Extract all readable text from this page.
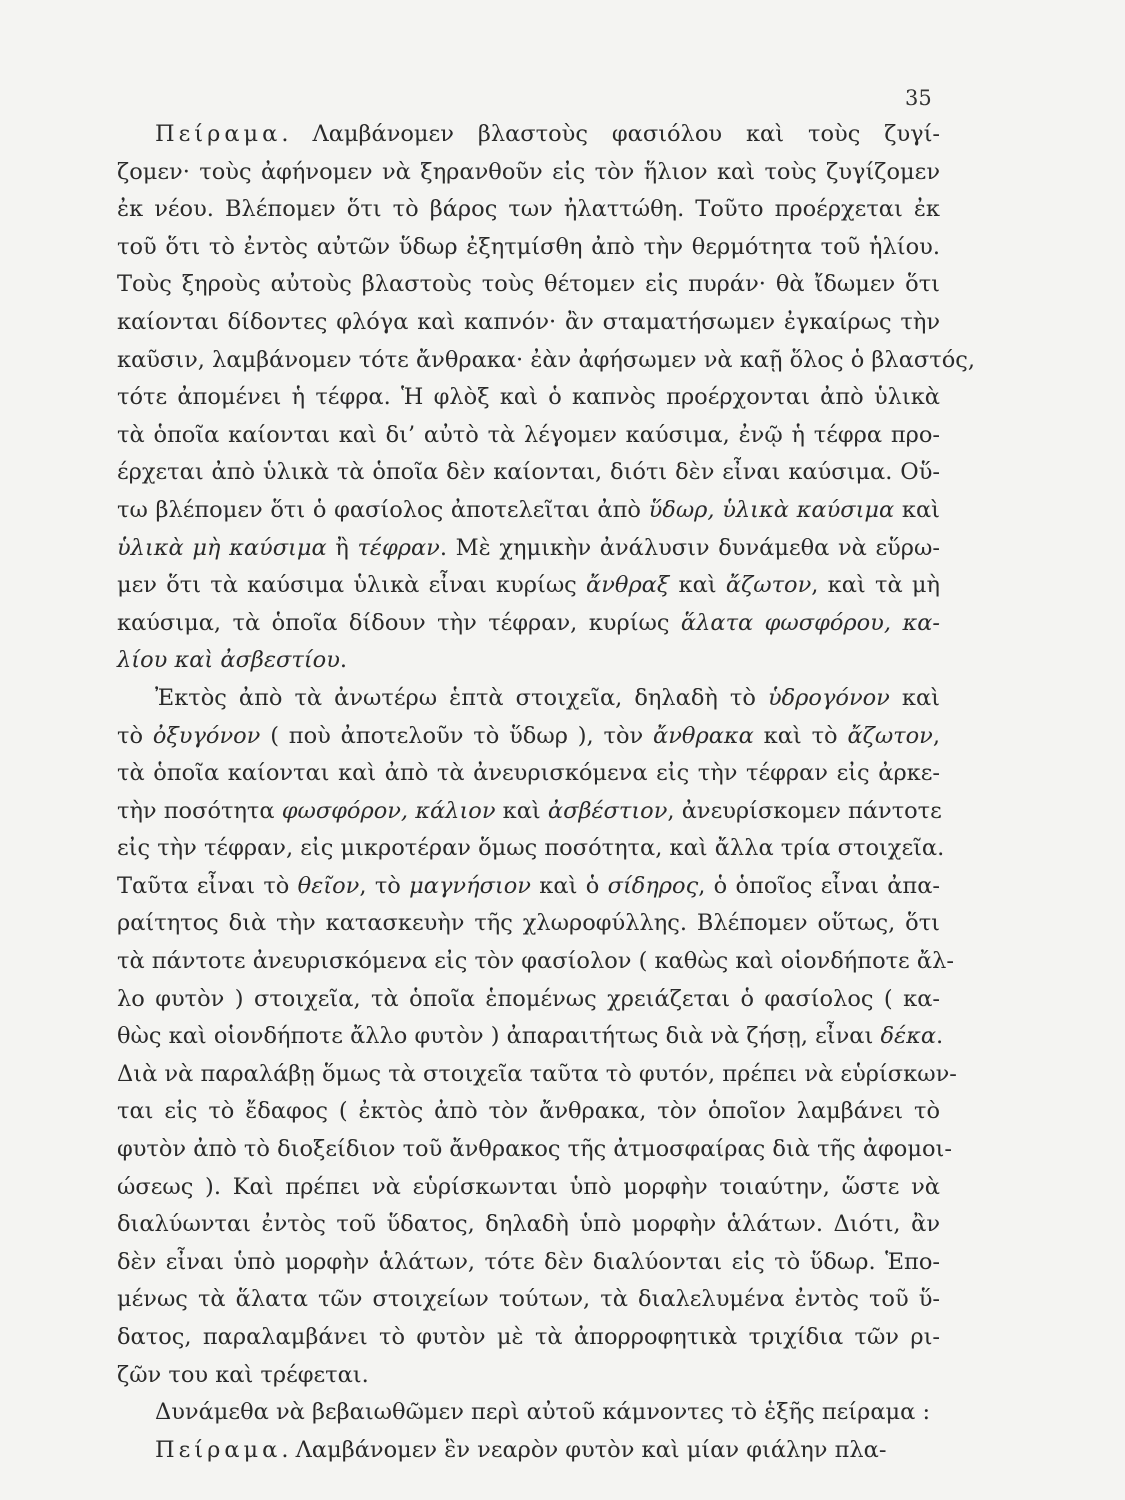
35
Πείραμα. Λαμβάνομεν βλαστοὺς φασιόλου καὶ τοὺς ζυγί-
ζομεν· τοὺς ἀφήνομεν νὰ ξηρανθοῦν εἰς τὸν ἥλιον καὶ τοὺς ζυγίζομεν
ἐκ νέου. Βλέπομεν ὅτι τὸ βάρος των ἠλαττώθη. Τοῦτο προέρχεται ἐκ
τοῦ ὅτι τὸ ἐντὸς αὐτῶν ὕδωρ ἐξητμίσθη ἀπὸ τὴν θερμότητα τοῦ ἡλίου.
Τοὺς ξηροὺς αὐτοὺς βλαστοὺς τοὺς θέτομεν εἰς πυράν· θὰ ἴδωμεν ὅτι
καίονται δίδοντες φλόγα καὶ καπνόν· ἂν σταματήσωμεν ἐγκαίρως τὴν
καῦσιν, λαμβάνομεν τότε ἄνθρακα· ἐὰν ἀφήσωμεν νὰ καῇ ὅλος ὁ βλαστός,
τότε ἀπομένει ἡ τέφρα. Ἡ φλὸξ καὶ ὁ καπνὸς προέρχονται ἀπὸ ὑλικὰ
τὰ ὁποῖα καίονται καὶ δι’ αὐτὸ τὰ λέγομεν καύσιμα, ἐνῷ ἡ τέφρα προ-
έρχεται ἀπὸ ὑλικὰ τὰ ὁποῖα δὲν καίονται, διότι δὲν εἶναι καύσιμα. Οὕ-
τω βλέπομεν ὅτι ὁ φασίολος ἀποτελεῖται ἀπὸ ὕδωρ, ὑλικὰ καύσιμα καὶ
ὑλικὰ μὴ καύσιμα ἢ τέφραν. Μὲ χημικὴν ἀνάλυσιν δυνάμεθα νὰ εὕρω-
μεν ὅτι τὰ καύσιμα ὑλικὰ εἶναι κυρίως ἄνθραξ καὶ ἄζωτον, καὶ τὰ μὴ
καύσιμα, τὰ ὁποῖα δίδουν τὴν τέφραν, κυρίως ἅλατα φωσφόρου, κα-
λίου καὶ ἀσβεστίου.
Ἐκτὸς ἀπὸ τὰ ἀνωτέρω ἑπτὰ στοιχεῖα, δηλαδὴ τὸ ὑδρογόνον καὶ
τὸ ὀξυγόνον ( ποὺ ἀποτελοῦν τὸ ὕδωρ ), τὸν ἄνθρακα καὶ τὸ ἄζωτον,
τὰ ὁποῖα καίονται καὶ ἀπὸ τὰ ἀνευρισκόμενα εἰς τὴν τέφραν εἰς ἀρκε-
τὴν ποσότητα φωσφόρον, κάλιον καὶ ἀσβέστιον, ἀνευρίσκομεν πάντοτε
εἰς τὴν τέφραν, εἰς μικροτέραν ὅμως ποσότητα, καὶ ἄλλα τρία στοιχεῖα.
Ταῦτα εἶναι τὸ θεῖον, τὸ μαγνήσιον καὶ ὁ σίδηρος, ὁ ὁποῖος εἶναι ἀπα-
ραίτητος διὰ τὴν κατασκευὴν τῆς χλωροφύλλης. Βλέπομεν οὕτως, ὅτι
τὰ πάντοτε ἀνευρισκόμενα εἰς τὸν φασίολον ( καθὼς καὶ οἱονδήποτε ἄλ-
λο φυτὸν ) στοιχεῖα, τὰ ὁποῖα ἑπομένως χρειάζεται ὁ φασίολος ( κα-
θὼς καὶ οἱονδήποτε ἄλλο φυτὸν ) ἀπαραιτήτως διὰ νὰ ζήσῃ, εἶναι δέκα.
Διὰ νὰ παραλάβῃ ὅμως τὰ στοιχεῖα ταῦτα τὸ φυτόν, πρέπει νὰ εὑρίσκων-
ται εἰς τὸ ἔδαφος ( ἐκτὸς ἀπὸ τὸν ἄνθρακα, τὸν ὁποῖον λαμβάνει τὸ
φυτὸν ἀπὸ τὸ διοξείδιον τοῦ ἄνθρακος τῆς ἀτμοσφαίρας διὰ τῆς ἀφομοι-
ώσεως ). Καὶ πρέπει νὰ εὑρίσκωνται ὑπὸ μορφὴν τοιαύτην, ὥστε νὰ
διαλύωνται ἐντὸς τοῦ ὕδατος, δηλαδὴ ὑπὸ μορφὴν ἁλάτων. Διότι, ἂν
δὲν εἶναι ὑπὸ μορφὴν ἁλάτων, τότε δὲν διαλύονται εἰς τὸ ὕδωρ. Ἑπο-
μένως τὰ ἅλατα τῶν στοιχείων τούτων, τὰ διαλελυμένα ἐντὸς τοῦ ὕ-
δατος, παραλαμβάνει τὸ φυτὸν μὲ τὰ ἀπορροφητικὰ τριχίδια τῶν ρι-
ζῶν του καὶ τρέφεται.
Δυνάμεθα νὰ βεβαιωθῶμεν περὶ αὐτοῦ κάμνοντες τὸ ἑξῆς πείραμα :
Πείραμα. Λαμβάνομεν ἓν νεαρὸν φυτὸν καὶ μίαν φιάλην πλα-
